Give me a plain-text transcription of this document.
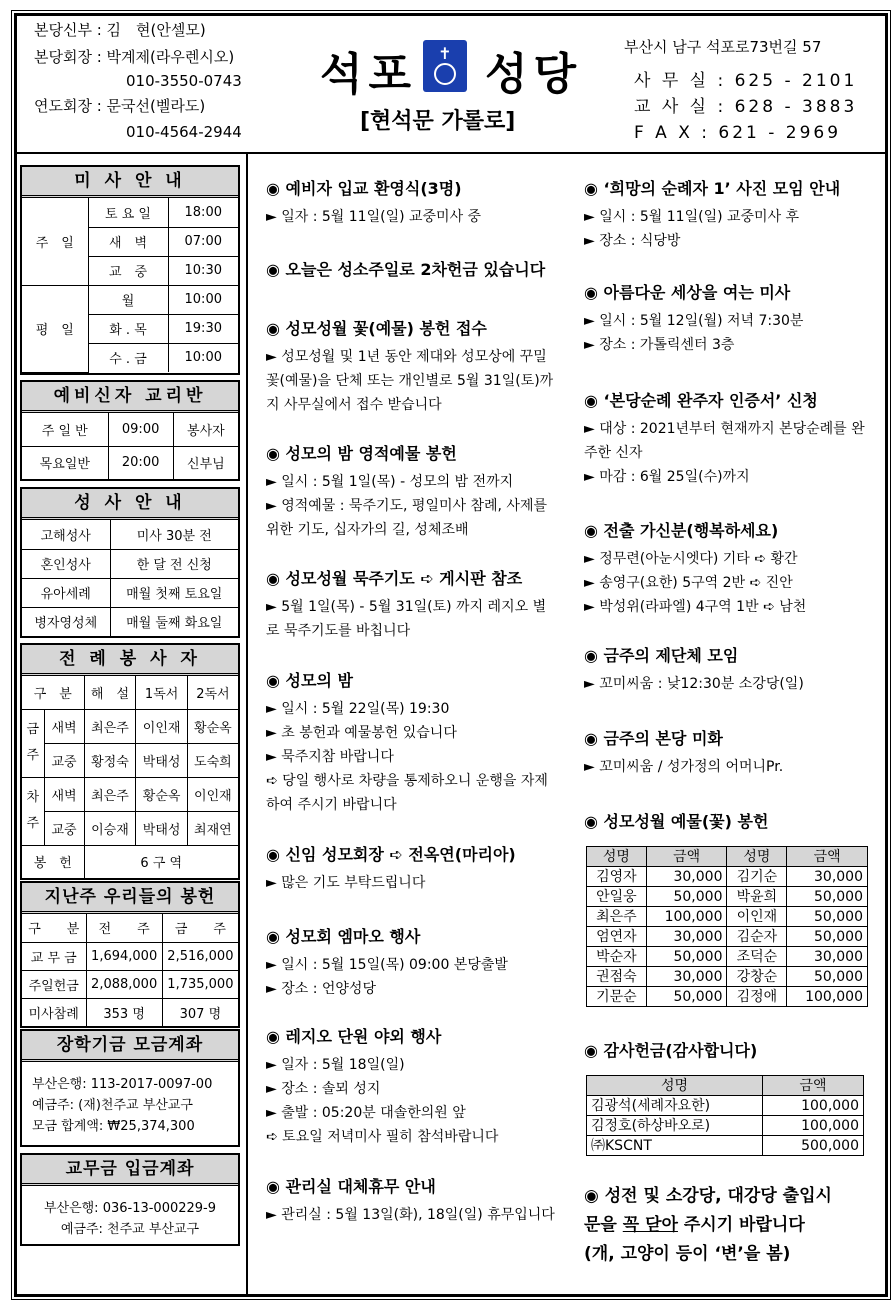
본당신부 : 김　현(안셀모)
본당회장 : 박계제(라우렌시오)
010-3550-0743
연도회장 : 문국선(벨라도)
010-4564-2944
석포 성당
✝
[현석문 가롤로]
부산시 남구 석포로73번길 57
사 무 실 : 625 - 2101
교 사 실 : 628 - 3883
F A X : 621 - 2969
미 사 안 내
주　일	토 요 일	18:00
	새　벽	07:00
	교　중	10:30
평　일	월	10:00
	화 . 목	19:30
	수 . 금	10:00
예비신자 교리반
주 일 반	09:00	봉사자
목요일반	20:00	신부님
성 사 안 내
고해성사	미사 30분 전
혼인성사	한 달 전 신청
유아세례	매월 첫째 토요일
병자영성체	매월 둘째 화요일
전 례 봉 사 자
구　분		해　설	1독서	2독서
금
주	새벽	최은주	이인재	황순옥
	교중	황정숙	박태성	도숙희
차
주	새벽	최은주	황순옥	이인재
	교중	이승재	박태성	최재연
봉　헌		6 구 역		
지난주 우리들의 봉헌
구　　분	전　　주	금　　주
교 무 금	1,694,000	2,516,000
주일헌금	2,088,000	1,735,000
미사참례	353 명	307 명
장학기금 모금계좌
부산은행: 113-2017-0097-00
예금주: (재)천주교 부산교구
모금 합계액: ₩25,374,300
교무금 입금계좌
부산은행: 036-13-000229-9
예금주: 천주교 부산교구
◉ 예비자 입교 환영식(3명)
► 일자 : 5월 11일(일) 교중미사 중
◉ 오늘은 성소주일로 2차헌금 있습니다
◉ 성모성월 꽃(예물) 봉헌 접수
► 성모성월 및 1년 동안 제대와 성모상에 꾸밀 꽃(예물)을 단체 또는 개인별로 5월 31일(토)까지 사무실에서 접수 받습니다
◉ 성모의 밤 영적예물 봉헌
► 일시 : 5월 1일(목) - 성모의 밤 전까지
► 영적예물 : 묵주기도, 평일미사 참례, 사제를 위한 기도, 십자가의 길, 성체조배
◉ 성모성월 묵주기도 ➪ 게시판 참조
► 5월 1일(목) - 5월 31일(토) 까지 레지오 별로 묵주기도를 바칩니다
◉ 성모의 밤
► 일시 : 5월 22일(목) 19:30
► 초 봉헌과 예물봉헌 있습니다
► 묵주지참 바랍니다
➪ 당일 행사로 차량을 통제하오니 운행을 자제하여 주시기 바랍니다
◉ 신임 성모회장 ➪ 전옥연(마리아)
► 많은 기도 부탁드립니다
◉ 성모회 엠마오 행사
► 일시 : 5월 15일(목) 09:00 본당출발
► 장소 : 언양성당
◉ 레지오 단원 야외 행사
► 일자 : 5월 18일(일)
► 장소 : 솔뫼 성지
► 출발 : 05:20분 대솔한의원 앞
➪ 토요일 저녁미사 필히 참석바랍니다
◉ 관리실 대체휴무 안내
► 관리실 : 5월 13일(화), 18일(일) 휴무입니다
◉ ‘희망의 순례자 1’ 사진 모임 안내
► 일시 : 5월 11일(일) 교중미사 후
► 장소 : 식당방
◉ 아름다운 세상을 여는 미사
► 일시 : 5월 12일(월) 저녁 7:30분
► 장소 : 가톨릭센터 3층
◉ ‘본당순례 완주자 인증서’ 신청
► 대상 : 2021년부터 현재까지 본당순례를 완주한 신자
► 마감 : 6월 25일(수)까지
◉ 전출 가신분(행복하세요)
► 정무련(아눈시엣다) 기타 ➪ 황간
► 송영구(요한) 5구역 2반 ➪ 진안
► 박성위(라파엘) 4구역 1반 ➪ 남천
◉ 금주의 제단체 모임
► 꼬미씨움 : 낮12:30분 소강당(일)
◉ 금주의 본당 미화
► 꼬미씨움 / 성가정의 어머니Pr.
◉ 성모성월 예물(꽃) 봉헌
◉ 감사헌금(감사합니다)
성명	금액	성명	금액
김영자	30,000	김기순	30,000
안일웅	50,000	박윤희	50,000
최은주	100,000	이인재	50,000
엄연자	30,000	김순자	50,000
박순자	50,000	조덕순	30,000
권점숙	30,000	강창순	50,000
기문순	50,000	김정애	100,000
성명	금액
김광석(세례자요한)	100,000
김정호(하상바오로)	100,000
㈜KSCNT	500,000
◉ 성전 및 소강당, 대강당 출입시
문을 꼭 닫아 주시기 바랍니다
(개, 고양이 등이 ‘변’을 봄)
